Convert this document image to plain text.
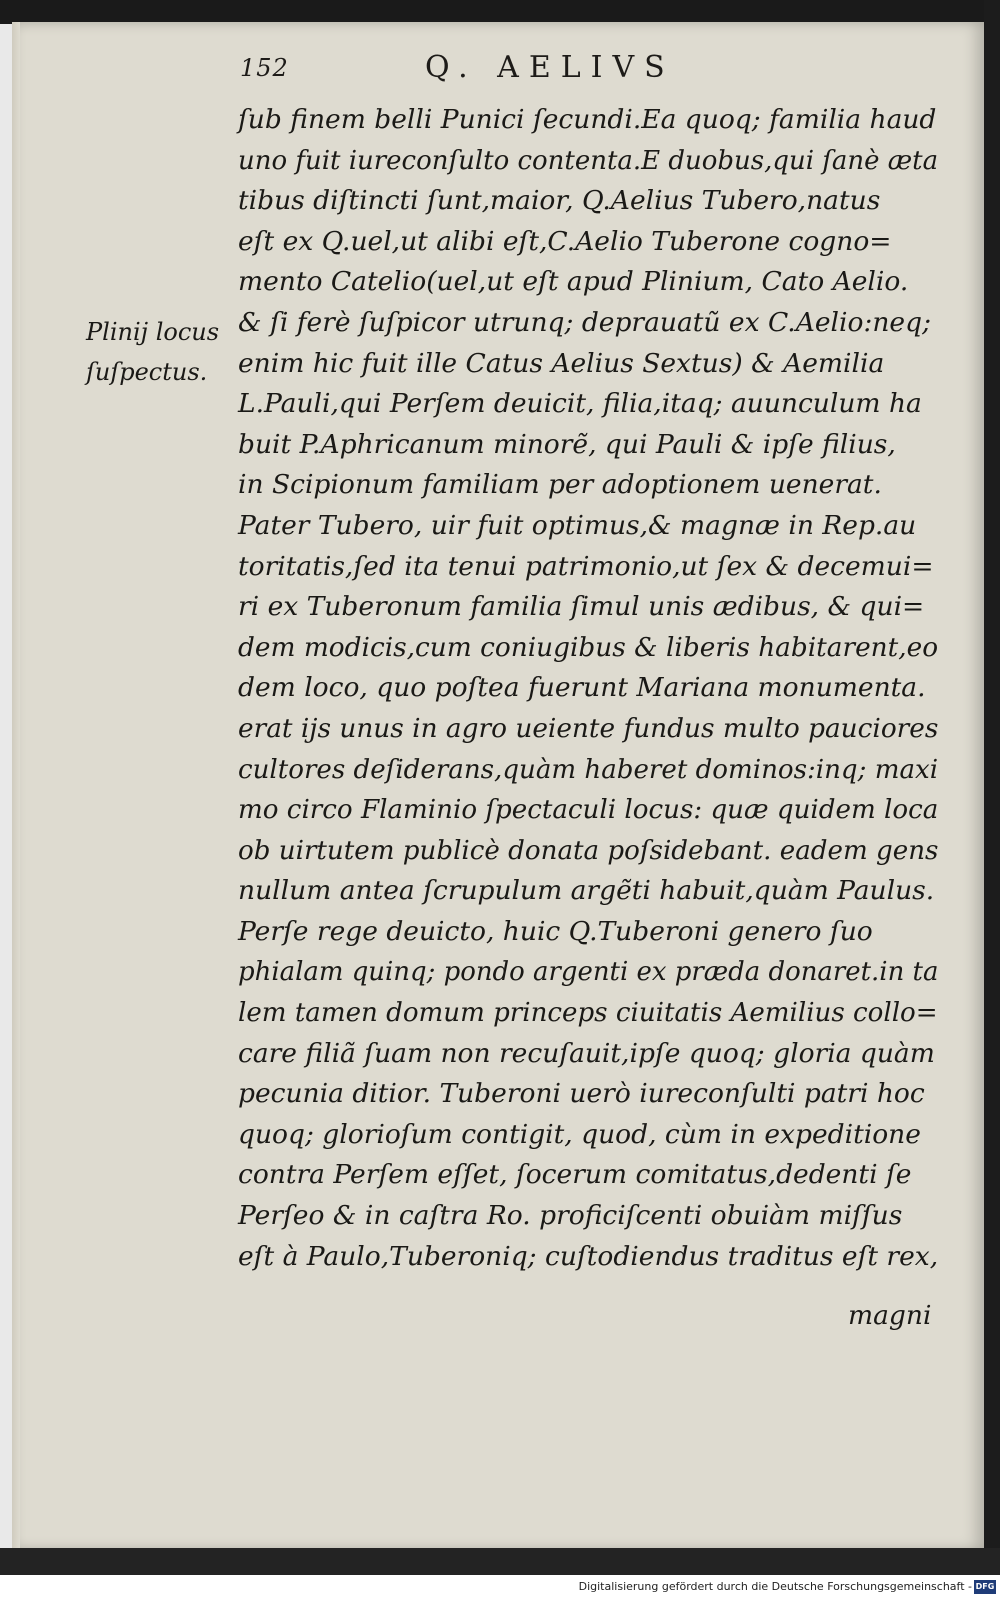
152	Q. AELIVS
Plinij locus
ſuſpectus.
ſub finem belli Punici ſecundi.Ea quoq; familia haud
uno fuit iureconſulto contenta.E duobus,qui ſanè æta
tibus diſtincti ſunt,maior, Q.Aelius Tubero,natus
eſt ex Q.uel,ut alibi eſt,C.Aelio Tuberone cogno=
mento Catelio(uel,ut eſt apud Plinium, Cato Aelio.
& ſi ferè ſuſpicor utrunq; deprauatũ ex C.Aelio:neq;
enim hic fuit ille Catus Aelius Sextus) & Aemilia
L.Pauli,qui Perſem deuicit, filia,itaq; auunculum ha
buit P.Aphricanum minorẽ, qui Pauli & ipſe filius,
in Scipionum familiam per adoptionem uenerat.
Pater Tubero, uir fuit optimus,& magnæ in Rep.au
toritatis,ſed ita tenui patrimonio,ut ſex & decemui=
ri ex Tuberonum familia ſimul unis ædibus, & qui=
dem modicis,cum coniugibus & liberis habitarent,eo
dem loco, quo poſtea fuerunt Mariana monumenta.
erat ijs unus in agro ueiente fundus multo pauciores
cultores deſiderans,quàm haberet dominos:inq; maxi
mo circo Flaminio ſpectaculi locus: quæ quidem loca
ob uirtutem publicè donata poſsidebant. eadem gens
nullum antea ſcrupulum argẽti habuit,quàm Paulus.
Perſe rege deuicto, huic Q.Tuberoni genero ſuo
phialam quinq; pondo argenti ex præda donaret.in ta
lem tamen domum princeps ciuitatis Aemilius collo=
care filiã ſuam non recuſauit,ipſe quoq; gloria quàm
pecunia ditior. Tuberoni uerò iureconſulti patri hoc
quoq; glorioſum contigit, quod, cùm in expeditione
contra Perſem eſſet, ſocerum comitatus,dedenti ſe
Perſeo & in caſtra Ro. proficiſcenti obuiàm miſſus
eſt à Paulo,Tuberoniq; cuſtodiendus traditus eſt rex,
magni
Digitalisierung gefördert durch die Deutsche Forschungsgemeinschaft - DFG
